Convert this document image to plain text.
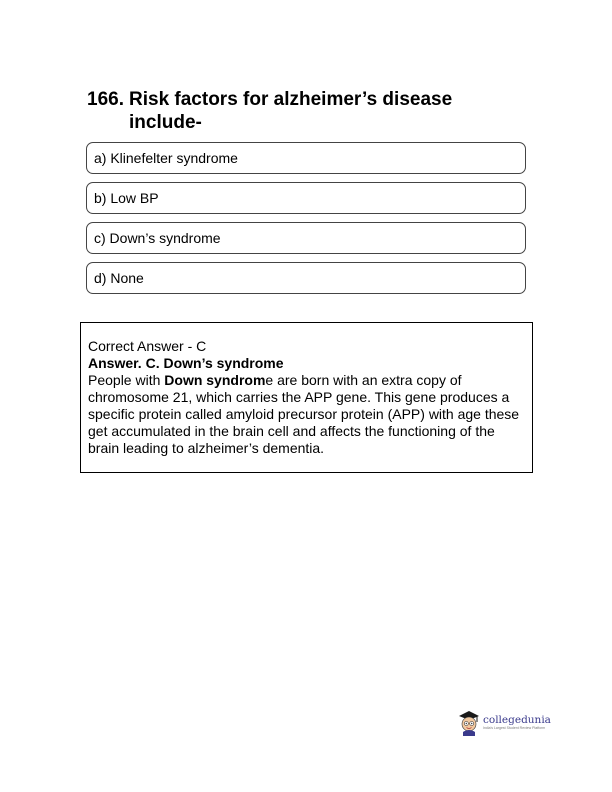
166. Risk factors for alzheimer’s disease include-
a) Klinefelter syndrome
b) Low BP
c) Down’s syndrome
d) None

Correct Answer - C

Answer. C. Down’s syndrome

People with Down syndrome are born with an extra copy of chromosome 21, which carries the APP gene. This gene produces a specific protein called amyloid precursor protein (APP) with age these get accumulated in the brain cell and affects the functioning of the brain leading to alzheimer’s dementia.

collegedunia
India's Largest Student Review Platform
